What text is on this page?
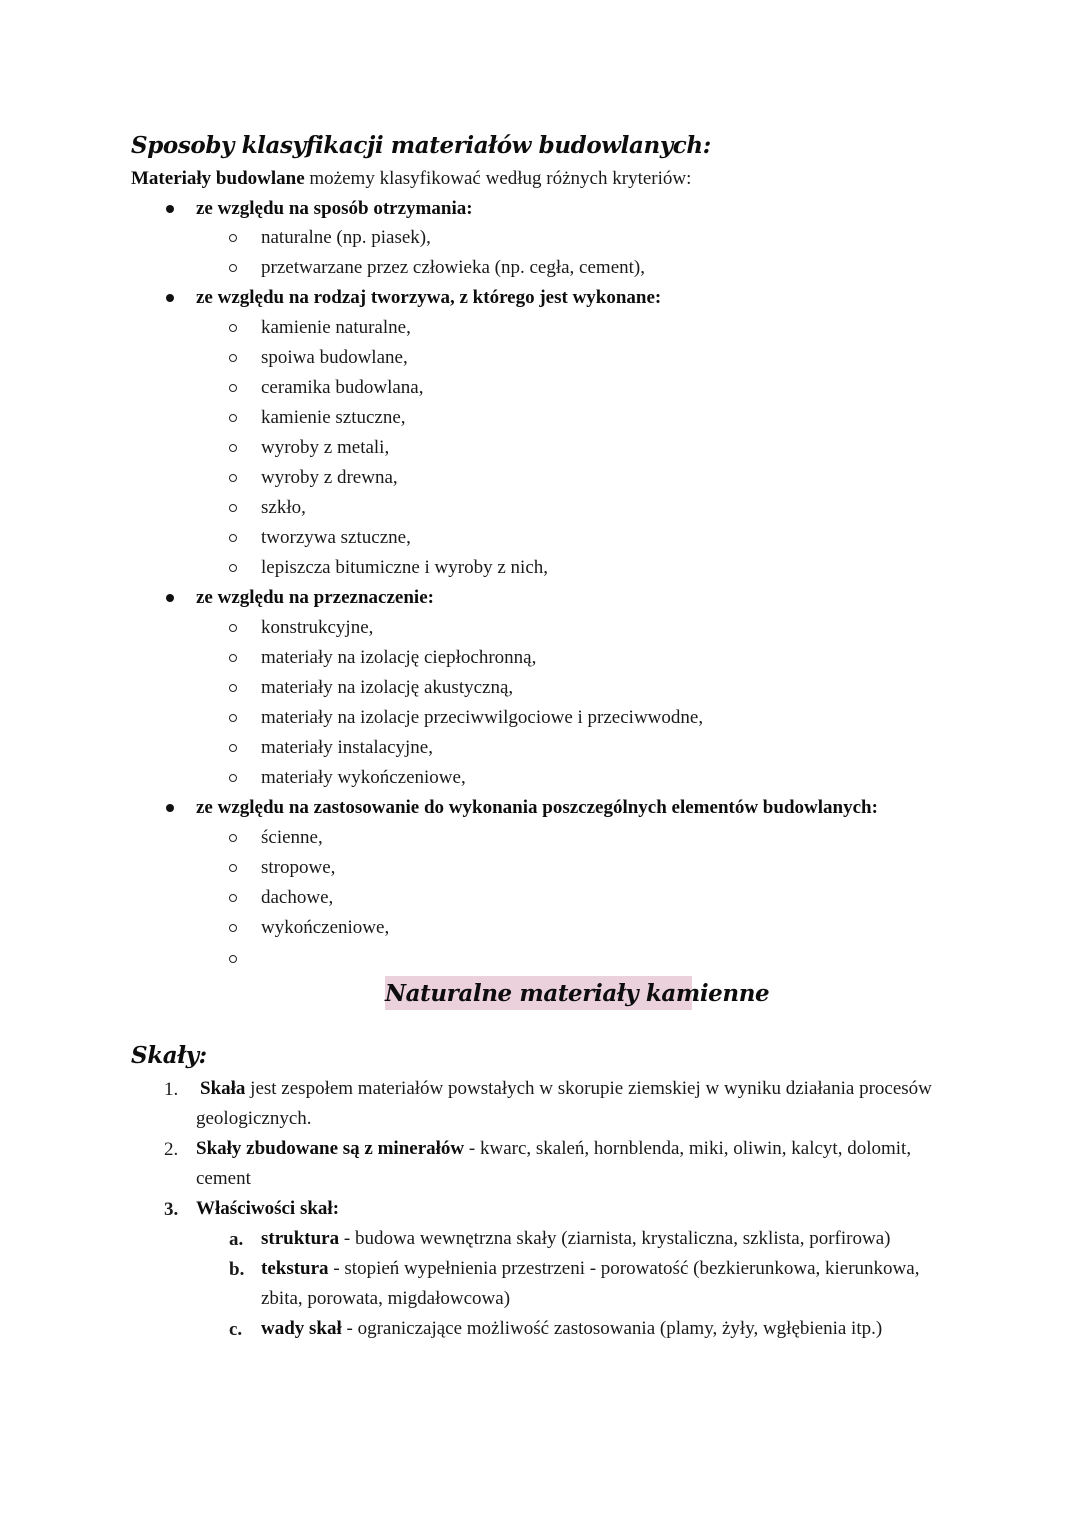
Sposoby klasyfikacji materiałów budowlanych:
Materiały budowlane możemy klasyfikować według różnych kryteriów:
ze względu na sposób otrzymania:
naturalne (np. piasek),
przetwarzane przez człowieka (np. cegła, cement),
ze względu na rodzaj tworzywa, z którego jest wykonane:
kamienie naturalne,
spoiwa budowlane,
ceramika budowlana,
kamienie sztuczne,
wyroby z metali,
wyroby z drewna,
szkło,
tworzywa sztuczne,
lepiszcza bitumiczne i wyroby z nich,
ze względu na przeznaczenie:
konstrukcyjne,
materiały na izolację ciepłochronną,
materiały na izolację akustyczną,
materiały na izolacje przeciwwilgociowe i przeciwwodne,
materiały instalacyjne,
materiały wykończeniowe,
ze względu na zastosowanie do wykonania poszczególnych elementów budowlanych:
ścienne,
stropowe,
dachowe,
wykończeniowe,
Naturalne materiały kamienne
Skały:
1. Skała jest zespołem materiałów powstałych w skorupie ziemskiej w wyniku działania procesów
geologicznych.
2. Skały zbudowane są z minerałów - kwarc, skaleń, hornblenda, miki, oliwin, kalcyt, dolomit,
cement
3. Właściwości skał:
a. struktura - budowa wewnętrzna skały (ziarnista, krystaliczna, szklista, porfirowa)
b. tekstura - stopień wypełnienia przestrzeni - porowatość (bezkierunkowa, kierunkowa,
zbita, porowata, migdałowcowa)
c. wady skał - ograniczające możliwość zastosowania (plamy, żyły, wgłębienia itp.)
